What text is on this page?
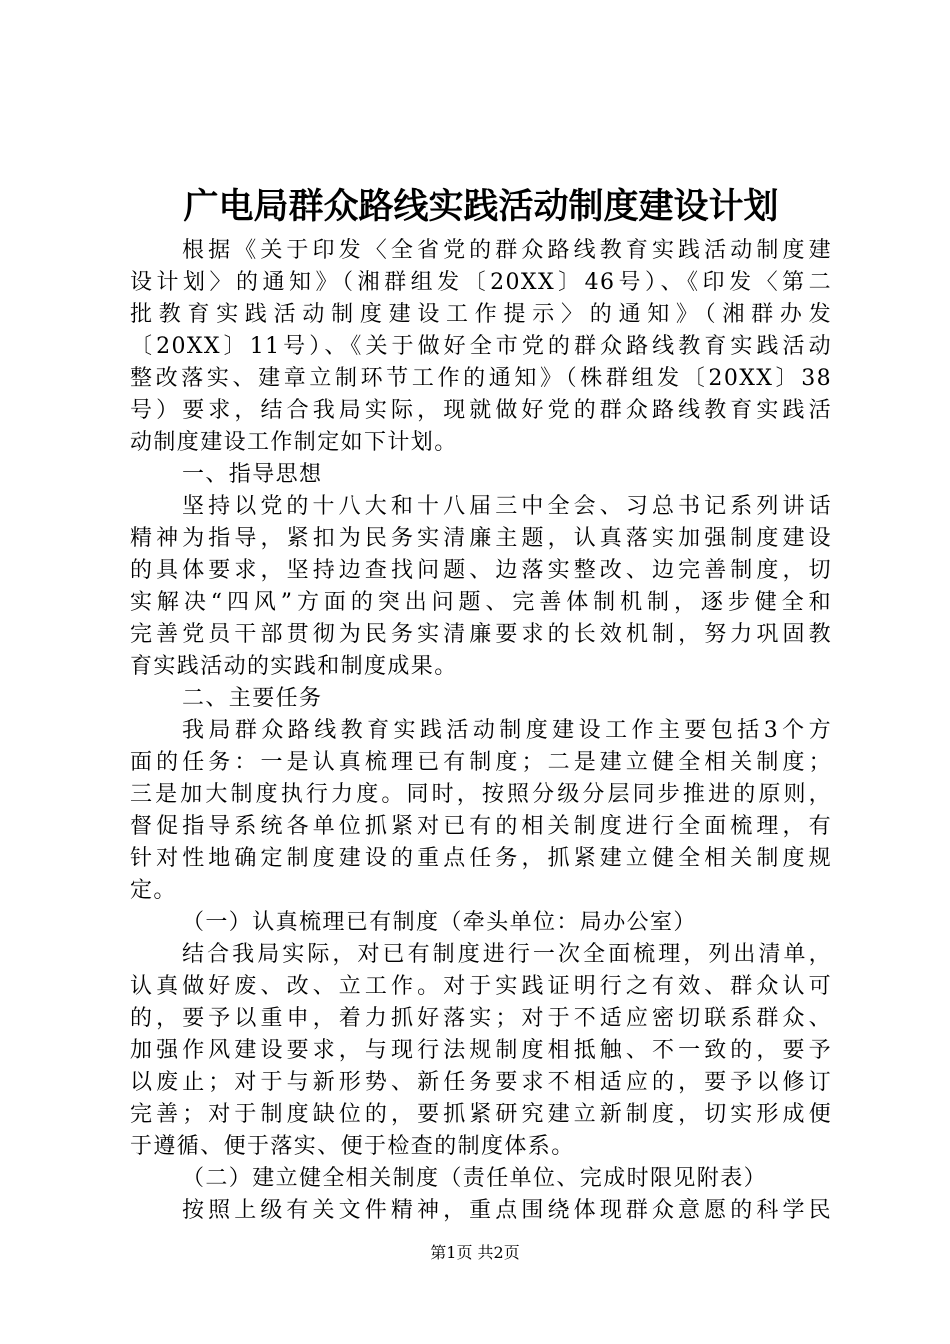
广电局群众路线实践活动制度建设计划
根据《关于印发〈全省党的群众路线教育实践活动制度建
设计划〉的通知》（湘群组发〔20XX〕46号）、《印发〈第二
批教育实践活动制度建设工作提示〉的通知》（湘群办发
〔20XX〕11号）、《关于做好全市党的群众路线教育实践活动
整改落实、建章立制环节工作的通知》（株群组发〔20XX〕38
号）要求，结合我局实际，现就做好党的群众路线教育实践活
动制度建设工作制定如下计划。
一、指导思想
坚持以党的十八大和十八届三中全会、习总书记系列讲话
精神为指导，紧扣为民务实清廉主题，认真落实加强制度建设
的具体要求，坚持边查找问题、边落实整改、边完善制度，切
实解决“四风”方面的突出问题、完善体制机制，逐步健全和
完善党员干部贯彻为民务实清廉要求的长效机制，努力巩固教
育实践活动的实践和制度成果。
二、主要任务
我局群众路线教育实践活动制度建设工作主要包括3个方
面的任务：一是认真梳理已有制度；二是建立健全相关制度；
三是加大制度执行力度。同时，按照分级分层同步推进的原则，
督促指导系统各单位抓紧对已有的相关制度进行全面梳理，有
针对性地确定制度建设的重点任务，抓紧建立健全相关制度规
定。
（一）认真梳理已有制度（牵头单位：局办公室）
结合我局实际，对已有制度进行一次全面梳理，列出清单，
认真做好废、改、立工作。对于实践证明行之有效、群众认可
的，要予以重申，着力抓好落实；对于不适应密切联系群众、
加强作风建设要求，与现行法规制度相抵触、不一致的，要予
以废止；对于与新形势、新任务要求不相适应的，要予以修订
完善；对于制度缺位的，要抓紧研究建立新制度，切实形成便
于遵循、便于落实、便于检查的制度体系。
（二）建立健全相关制度（责任单位、完成时限见附表）
按照上级有关文件精神，重点围绕体现群众意愿的科学民
第1页 共2页
